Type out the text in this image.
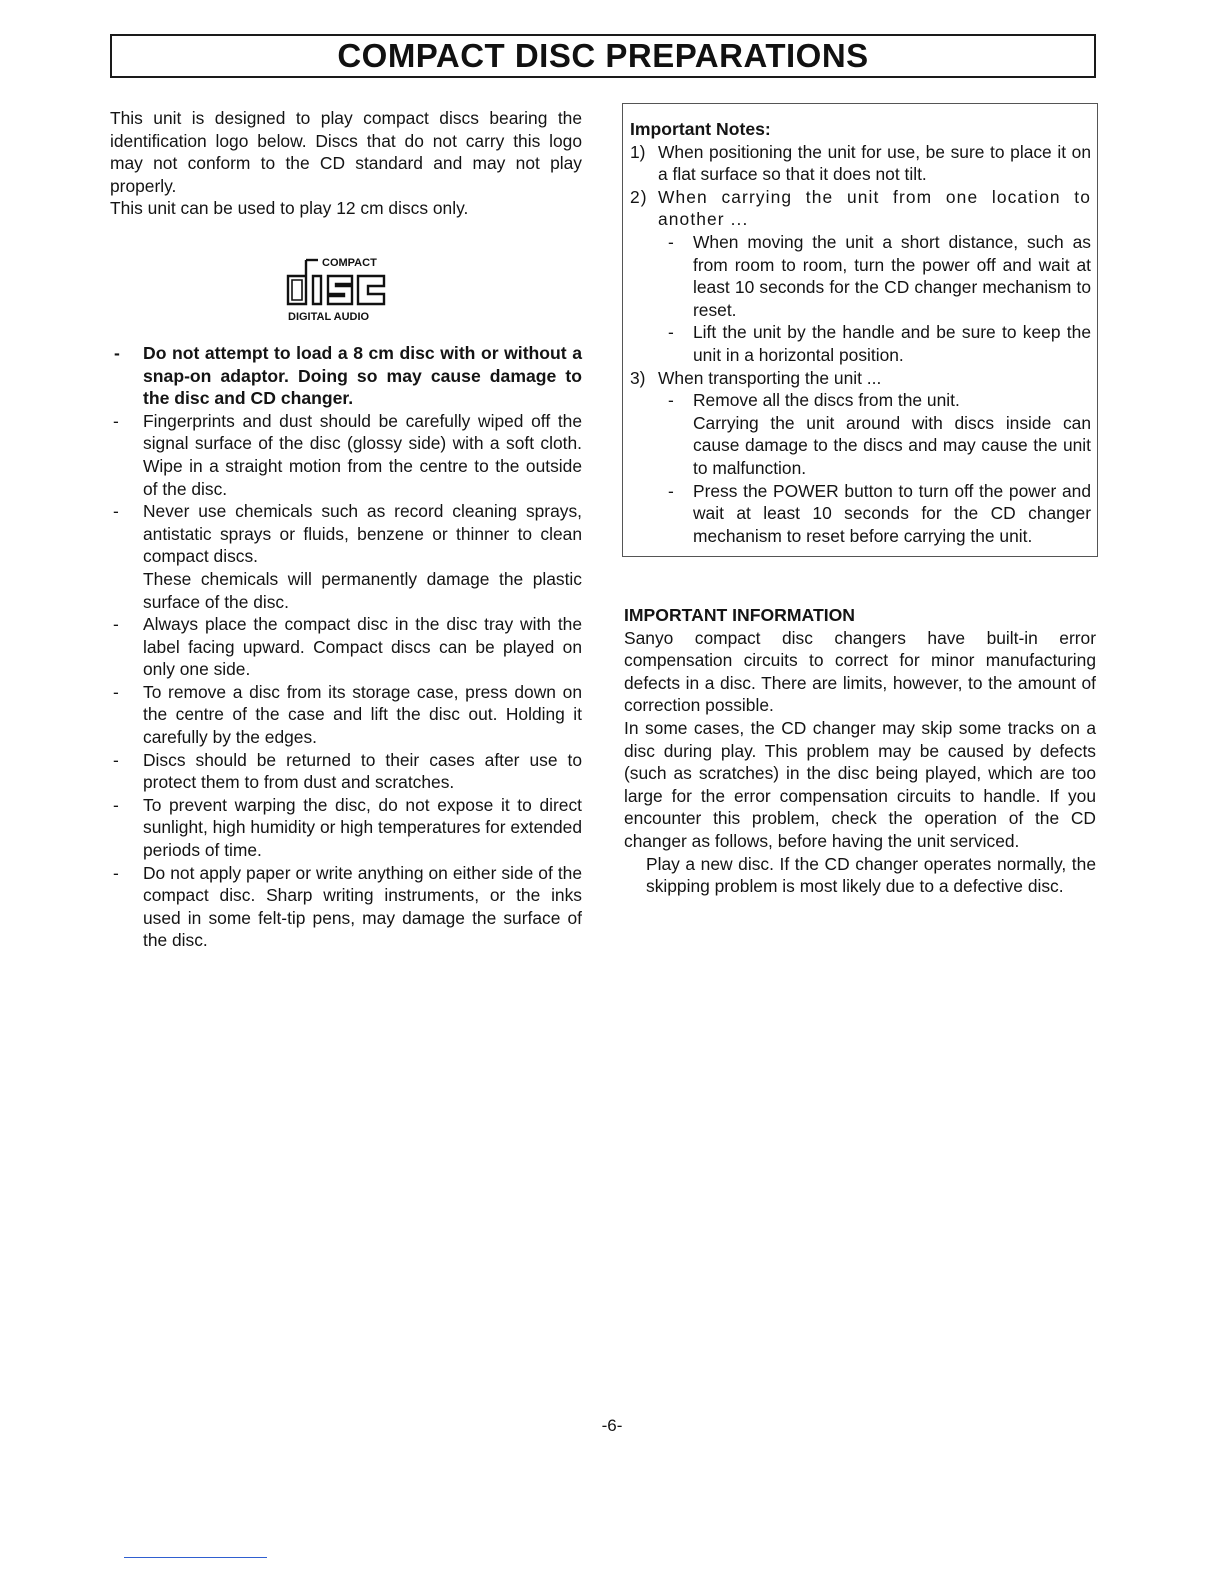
COMPACT DISC PREPARATIONS

This unit is designed to play compact discs bearing the identification logo below. Discs that do not carry this logo may not conform to the CD standard and may not play properly.

This unit can be used to play 12 cm discs only.

COMPACT
disc
DIGITAL AUDIO
- Do not attempt to load a 8 cm disc with or without a snap-on adaptor. Doing so may cause damage to the disc and CD changer.
- Fingerprints and dust should be carefully wiped off the signal surface of the disc (glossy side) with a soft cloth. Wipe in a straight motion from the centre to the outside of the disc.
- Never use chemicals such as record cleaning sprays, antistatic sprays or fluids, benzene or thinner to clean compact discs.
These chemicals will permanently damage the plastic surface of the disc.
- Always place the compact disc in the disc tray with the label facing upward. Compact discs can be played on only one side.
- To remove a disc from its storage case, press down on the centre of the case and lift the disc out. Holding it carefully by the edges.
- Discs should be returned to their cases after use to protect them to from dust and scratches.
- To prevent warping the disc, do not expose it to direct sunlight, high humidity or high temperatures for extended periods of time.
- Do not apply paper or write anything on either side of the compact disc. Sharp writing instruments, or the inks used in some felt-tip pens, may damage the surface of the disc.
Important Notes:
1) When positioning the unit for use, be sure to place it on a flat surface so that it does not tilt.
2) When carrying the unit from one location to another ...
- When moving the unit a short distance, such as from room to room, turn the power off and wait at least 10 seconds for the CD changer mechanism to reset.
- Lift the unit by the handle and be sure to keep the unit in a horizontal position.
3) When transporting the unit ...
- Remove all the discs from the unit.
Carrying the unit around with discs inside can cause damage to the discs and may cause the unit to malfunction.
- Press the POWER button to turn off the power and wait at least 10 seconds for the CD changer mechanism to reset before carrying the unit.
IMPORTANT INFORMATION

Sanyo compact disc changers have built-in error compensation circuits to correct for minor manufacturing defects in a disc. There are limits, however, to the amount of correction possible.

In some cases, the CD changer may skip some tracks on a disc during play. This problem may be caused by defects (such as scratches) in the disc being played, which are too large for the error compensation circuits to handle. If you encounter this problem, check the operation of the CD changer as follows, before having the unit serviced.

Play a new disc. If the CD changer operates normally, the skipping problem is most likely due to a defective disc.

-6-
